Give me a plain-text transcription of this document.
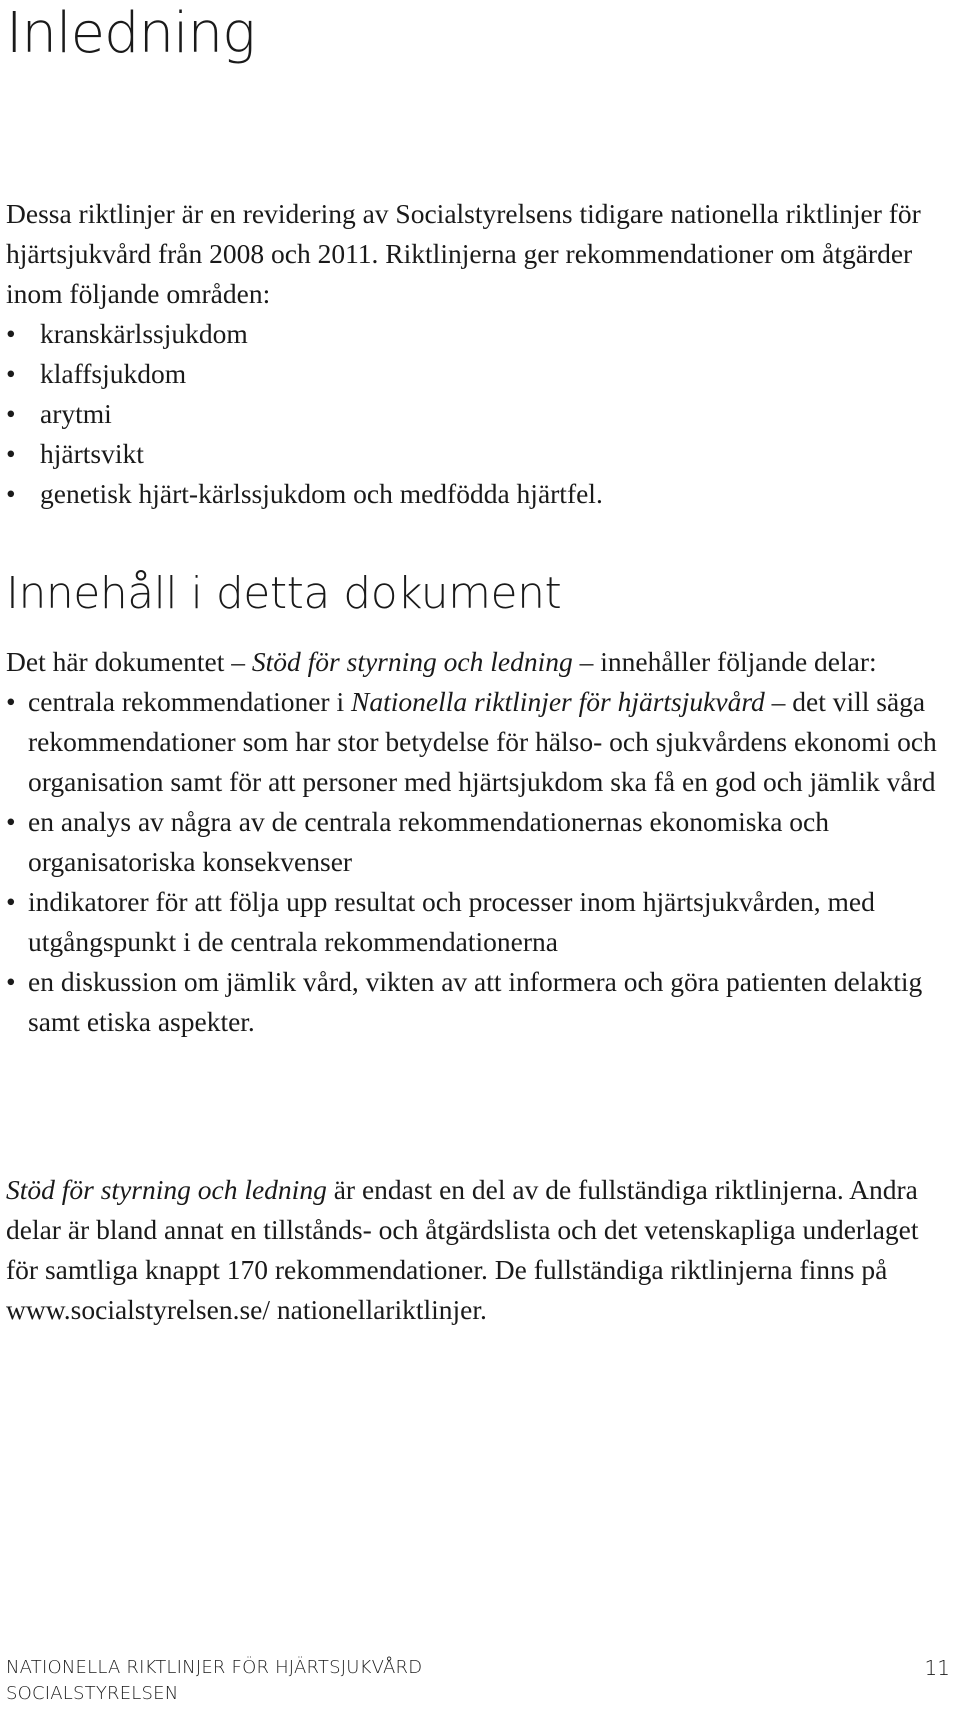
Inledning

Dessa riktlinjer är en revidering av Socialstyrelsens tidigare nationella riktlinjer för hjärtsjukvård från 2008 och 2011. Riktlinjerna ger rekommendationer om åtgärder inom följande områden:

• kranskärlssjukdom
• klaffsjukdom
• arytmi
• hjärtsvikt
• genetisk hjärt-kärlssjukdom och medfödda hjärtfel.
Innehåll i detta dokument

Det här dokumentet – Stöd för styrning och ledning – innehåller följande delar:

• centrala rekommendationer i Nationella riktlinjer för hjärtsjukvård – det vill säga rekommendationer som har stor betydelse för hälso- och sjukvårdens ekonomi och organisation samt för att personer med hjärtsjukdom ska få en god och jämlik vård
• en analys av några av de centrala rekommendationernas ekonomiska och organisatoriska konsekvenser
• indikatorer för att följa upp resultat och processer inom hjärtsjukvården, med utgångspunkt i de centrala rekommendationerna
• en diskussion om jämlik vård, vikten av att informera och göra patienten delaktig samt etiska aspekter.

Stöd för styrning och ledning är endast en del av de fullständiga riktlinjerna. Andra delar är bland annat en tillstånds- och åtgärdslista och det vetenskapliga underlaget för samtliga knappt 170 rekommendationer. De fullständiga riktlinjerna finns på www.socialstyrelsen.se/ nationellariktlinjer.

NATIONELLA RIKTLINJER FÖR HJÄRTSJUKVÅRD
SOCIALSTYRELSEN
11
